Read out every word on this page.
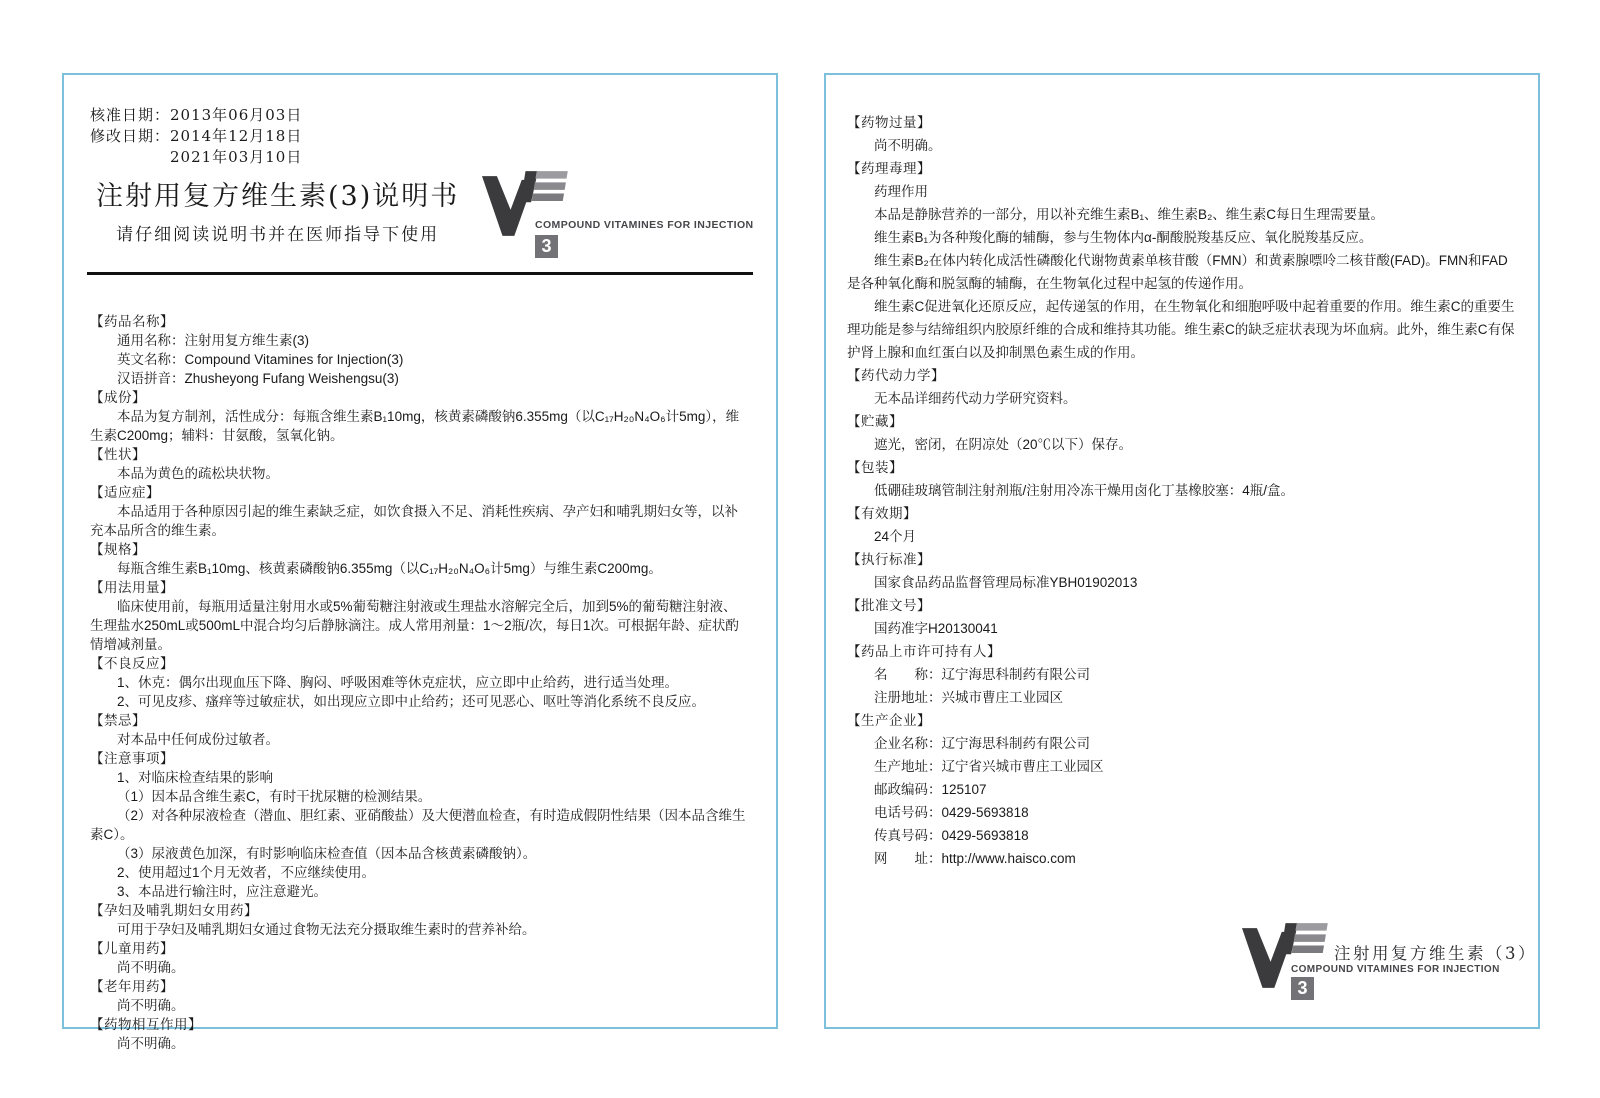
核准日期：2013年06月03日

修改日期：2014年12月18日

2021年03月10日

注射用复方维生素(3)说明书
请仔细阅读说明书并在医师指导下使用	COMPOUND VITAMINES FOR INJECTION
3

【药品名称】

通用名称：注射用复方维生素(3)

英文名称：Compound Vitamines for Injection(3)

汉语拼音：Zhusheyong Fufang Weishengsu(3)

【成份】

本品为复方制剂，活性成分：每瓶含维生素B₁10mg，核黄素磷酸钠6.355mg（以C₁₇H₂₀N₄O₆计5mg），维生素C200mg；辅料：甘氨酸，氢氧化钠。

【性状】

本品为黄色的疏松块状物。

【适应症】

本品适用于各种原因引起的维生素缺乏症，如饮食摄入不足、消耗性疾病、孕产妇和哺乳期妇女等，以补充本品所含的维生素。

【规格】

每瓶含维生素B₁10mg、核黄素磷酸钠6.355mg（以C₁₇H₂₀N₄O₆计5mg）与维生素C200mg。

【用法用量】

临床使用前，每瓶用适量注射用水或5%葡萄糖注射液或生理盐水溶解完全后，加到5%的葡萄糖注射液、生理盐水250mL或500mL中混合均匀后静脉滴注。成人常用剂量：1～2瓶/次，每日1次。可根据年龄、症状酌情增减剂量。

【不良反应】

1、休克：偶尔出现血压下降、胸闷、呼吸困难等休克症状，应立即中止给药，进行适当处理。

2、可见皮疹、瘙痒等过敏症状，如出现应立即中止给药；还可见恶心、呕吐等消化系统不良反应。

【禁忌】

对本品中任何成份过敏者。

【注意事项】

1、对临床检查结果的影响

（1）因本品含维生素C，有时干扰尿糖的检测结果。

（2）对各种尿液检查（潜血、胆红素、亚硝酸盐）及大便潜血检查，有时造成假阴性结果（因本品含维生素C）。

（3）尿液黄色加深，有时影响临床检查值（因本品含核黄素磷酸钠）。

2、使用超过1个月无效者，不应继续使用。

3、本品进行输注时，应注意避光。

【孕妇及哺乳期妇女用药】

可用于孕妇及哺乳期妇女通过食物无法充分摄取维生素时的营养补给。

【儿童用药】

尚不明确。

【老年用药】

尚不明确。

【药物相互作用】

尚不明确。

【药物过量】

尚不明确。

【药理毒理】

药理作用

本品是静脉营养的一部分，用以补充维生素B₁、维生素B₂、维生素C每日生理需要量。

维生素B₁为各种羧化酶的辅酶，参与生物体内α-酮酸脱羧基反应、氧化脱羧基反应。

维生素B₂在体内转化成活性磷酸化代谢物黄素单核苷酸（FMN）和黄素腺嘌呤二核苷酸(FAD)。FMN和FAD是各种氧化酶和脱氢酶的辅酶，在生物氧化过程中起氢的传递作用。

维生素C促进氧化还原反应，起传递氢的作用，在生物氧化和细胞呼吸中起着重要的作用。维生素C的重要生理功能是参与结缔组织内胶原纤维的合成和维持其功能。维生素C的缺乏症状表现为坏血病。此外，维生素C有保护肾上腺和血红蛋白以及抑制黑色素生成的作用。

【药代动力学】

无本品详细药代动力学研究资料。

【贮藏】

遮光，密闭，在阴凉处（20℃以下）保存。

【包装】

低硼硅玻璃管制注射剂瓶/注射用冷冻干燥用卤化丁基橡胶塞：4瓶/盒。

【有效期】

24个月

【执行标准】

国家食品药品监督管理局标准YBH01902013

【批准文号】

国药准字H20130041

【药品上市许可持有人】

名　　称：辽宁海思科制药有限公司

注册地址：兴城市曹庄工业园区

【生产企业】

企业名称：辽宁海思科制药有限公司

生产地址：辽宁省兴城市曹庄工业园区

邮政编码：125107

电话号码：0429-5693818

传真号码：0429-5693818

网　　址：http://www.haisco.com

注射用复方维生素（3）
COMPOUND VITAMINES FOR INJECTION
3
